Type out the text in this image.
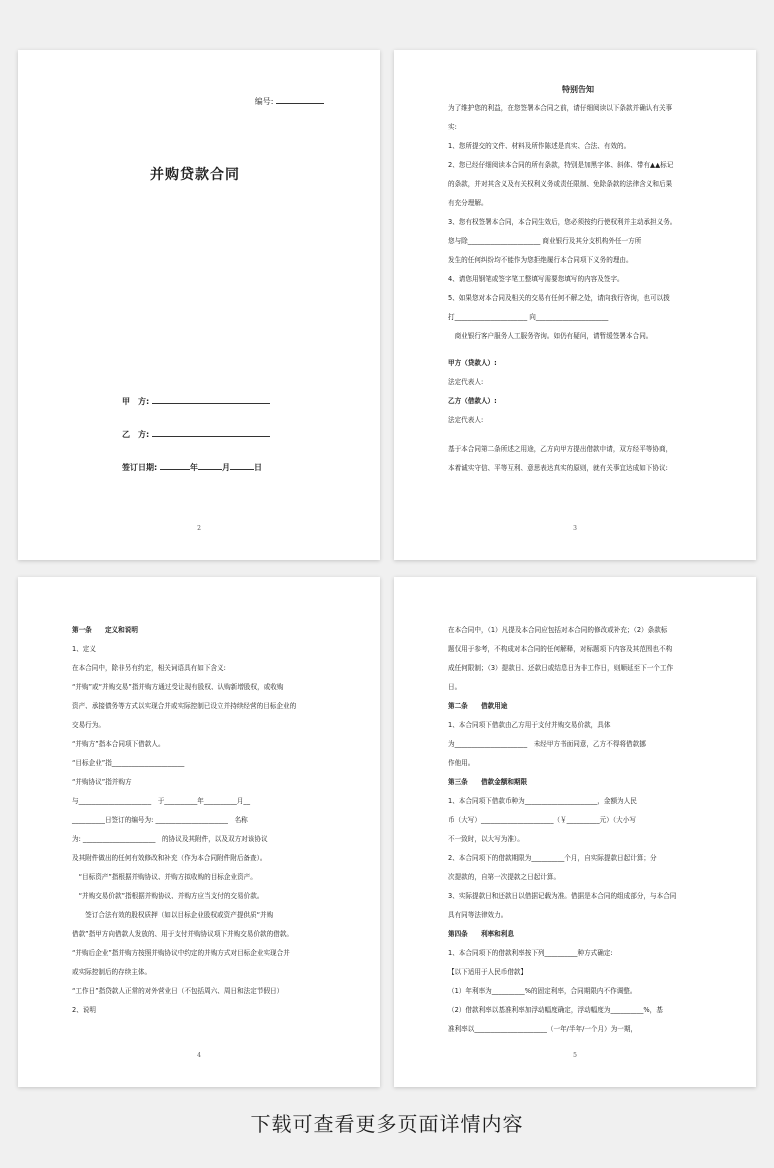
编号:
并购贷款合同
甲　方:
乙　方:
签订日期:	年	月	日
2

特别告知

为了维护您的利益，在您签署本合同之前，请仔细阅读以下条款并确认有关事

实:

1、您所提交的文件、材料及所作陈述是真实、合法、有效的。

2、您已经仔细阅读本合同的所有条款，特别是加黑字体、斜体、带有▲▲标记

的条款，并对其含义及有关权利义务或责任限制、免除条款的法律含义和后果

有充分理解。

3、您有权签署本合同，本合同生效后，您必须按约行使权利并主动承担义务。

您与除______________________ 商业银行及其分支机构外任一方所

发生的任何纠纷均不能作为您拒绝履行本合同项下义务的理由。

4、请您用钢笔或签字笔工整填写需要您填写的内容及签字。

5、如果您对本合同及相关的交易有任何不解之处，请向我行咨询，也可以拨

打______________________ 向______________________

　商业银行客户服务人工服务咨询。如仍有疑问，请暂缓签署本合同。

甲方（贷款人）:

法定代表人:

乙方（借款人）:

法定代表人:

基于本合同第二条所述之用途，乙方向甲方提出借款申请，双方经平等协商，

本着诚实守信、平等互利、意思表达真实的原则，就有关事宜达成如下协议:

3

第一条　　定义和说明

1、定义

在本合同中，除非另有约定，相关词语具有如下含义:

“并购”或“并购交易”指并购方通过受让现有股权、认购新增股权，或收购

资产、承接债务等方式以实现合并或实际控制已设立并持续经营的目标企业的

交易行为。

“并购方”指本合同项下借款人。

“目标企业”指______________________

“并购协议”指并购方

与______________________　于__________年__________月__

__________日签订的编号为: ______________________　名称

为: ______________________　的协议及其附件，以及双方对该协议

及其附件做出的任何有效修改和补充（作为本合同附件附后备查）。

　“目标资产”指根据并购协议、并购方拟收购的目标企业资产。

　“并购交易价款”指根据并购协议、并购方应当支付的交易价款。

　　签订合法有效的股权质押（如以目标企业股权或资产提供质“并购

借款”指甲方向借款人发放的、用于支付并购协议项下并购交易价款的借款。

“并购后企业”指并购方按照并购协议中约定的并购方式对目标企业实现合并

或实际控制后的存续主体。

“工作日”指贷款人正常的对外营业日（不包括周六、周日和法定节假日）

2、说明

4

在本合同中，（1）凡提及本合同应包括对本合同的修改或补充；（2）条款标

题仅用于参考，不构成对本合同的任何解释，对标题项下内容及其范围也不构

成任何限制；（3）提款日、还款日或结息日为非工作日，则顺延至下一个工作

日。

第二条　　借款用途

1、本合同项下借款由乙方用于支付并购交易价款，具体

为______________________　未经甲方书面同意，乙方不得将借款挪

作他用。

第三条　　借款金额和期限

1、本合同项下借款币种为______________________，金额为人民

币（大写）______________________（￥__________元）（大小写

不一致时，以大写为准）。

2、本合同项下的借款期限为__________个月，自实际提款日起计算；分

次提款的，自第一次提款之日起计算。

3、实际提款日和还款日以借据记载为准。借据是本合同的组成部分，与本合同

具有同等法律效力。

第四条　　利率和利息

1、本合同项下的借款利率按下列__________种方式确定:

【以下适用于人民币借款】

（1）年利率为__________%的固定利率，合同期限内不作调整。

（2）借款利率以基准利率加浮动幅度确定，浮动幅度为__________%，基

准利率以______________________（一年/半年/一个月）为一期，

5
下载可查看更多页面详情内容
